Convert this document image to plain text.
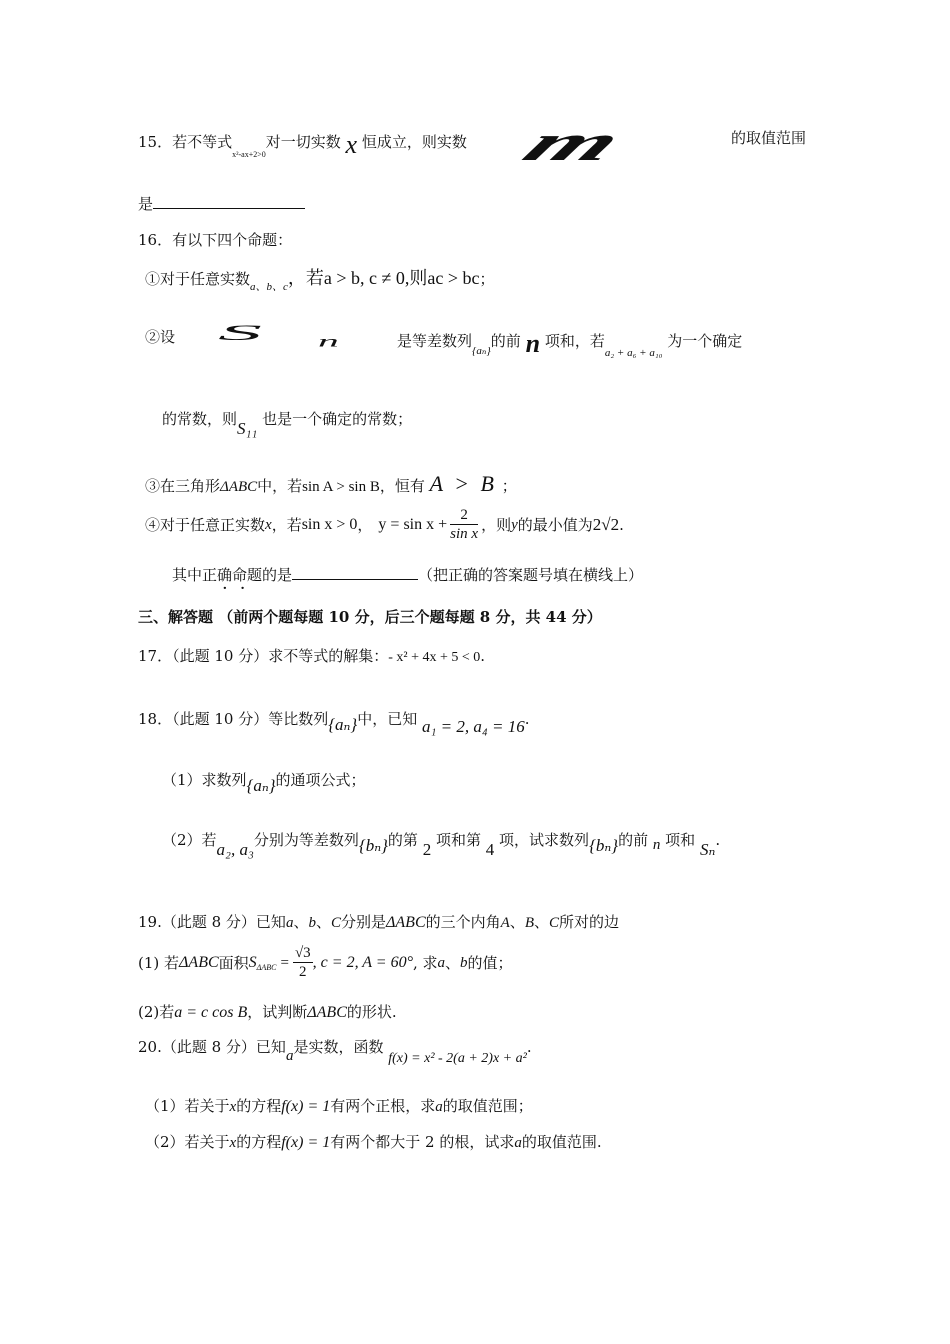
15．若不等式$_{x^2-ax+2>0}$对一切实数 x 恒成立，则实数 m	的取值范围
是
16．有以下四个命题：
①对于任意实数$_{a、b、c}$，若a > b, c ≠ 0,则ac > bc；
②设 S n	是等差数列$_{\{a_n\}}$的前 n 项和，若$_{a_2 + a_6 + a_{10}}$ 为一个确定
的常数，则S₁₁ 也是一个确定的常数；
③在三角形ΔABC中，若sin A > sin B，恒有 A > B ；
④对于任意正实数 x ，若 sin x > 0 ， $y = \sin x + \frac{2}{\text{sin x}}$ ，则 y 的最小值为 2√2 .
其中正确命题的是	（把正确的答案题号填在横线上）
··
三、解答题 （前两个题每题 10 分，后三个题每题 8 分，共 44 分）
17．（此题 10 分）求不等式的解集：- x² + 4x + 5 < 0.
18．（此题 10 分）等比数列{aₙ}中，已知 a₁ = 2, a₄ = 16.
（1）求数列{aₙ}的通项公式；
（2）若a₂, a₃分别为等差数列{bₙ}的第 2 项和第 4 项，试求数列{bₙ}的前 n 项和 Sₙ.
19.（此题 8 分）已知a、b、C分别是ΔABC的三个内角A、B、C所对的边
(1) 若 ΔABC 面积 S $\Delta ABC = \frac{√3}{2}$ , c = 2, A = 60° , 求 a 、 b 的值；
(2)若a = c cos B，试判断ΔABC的形状.
20.（此题 8 分）已知a是实数，函数 f(x) = x² - 2(a + 2)x + a².
（1）若关于x的方程f(x) = 1有两个正根，求a的取值范围；
（2）若关于x的方程f(x) = 1有两个都大于 2 的根，试求a的取值范围.
